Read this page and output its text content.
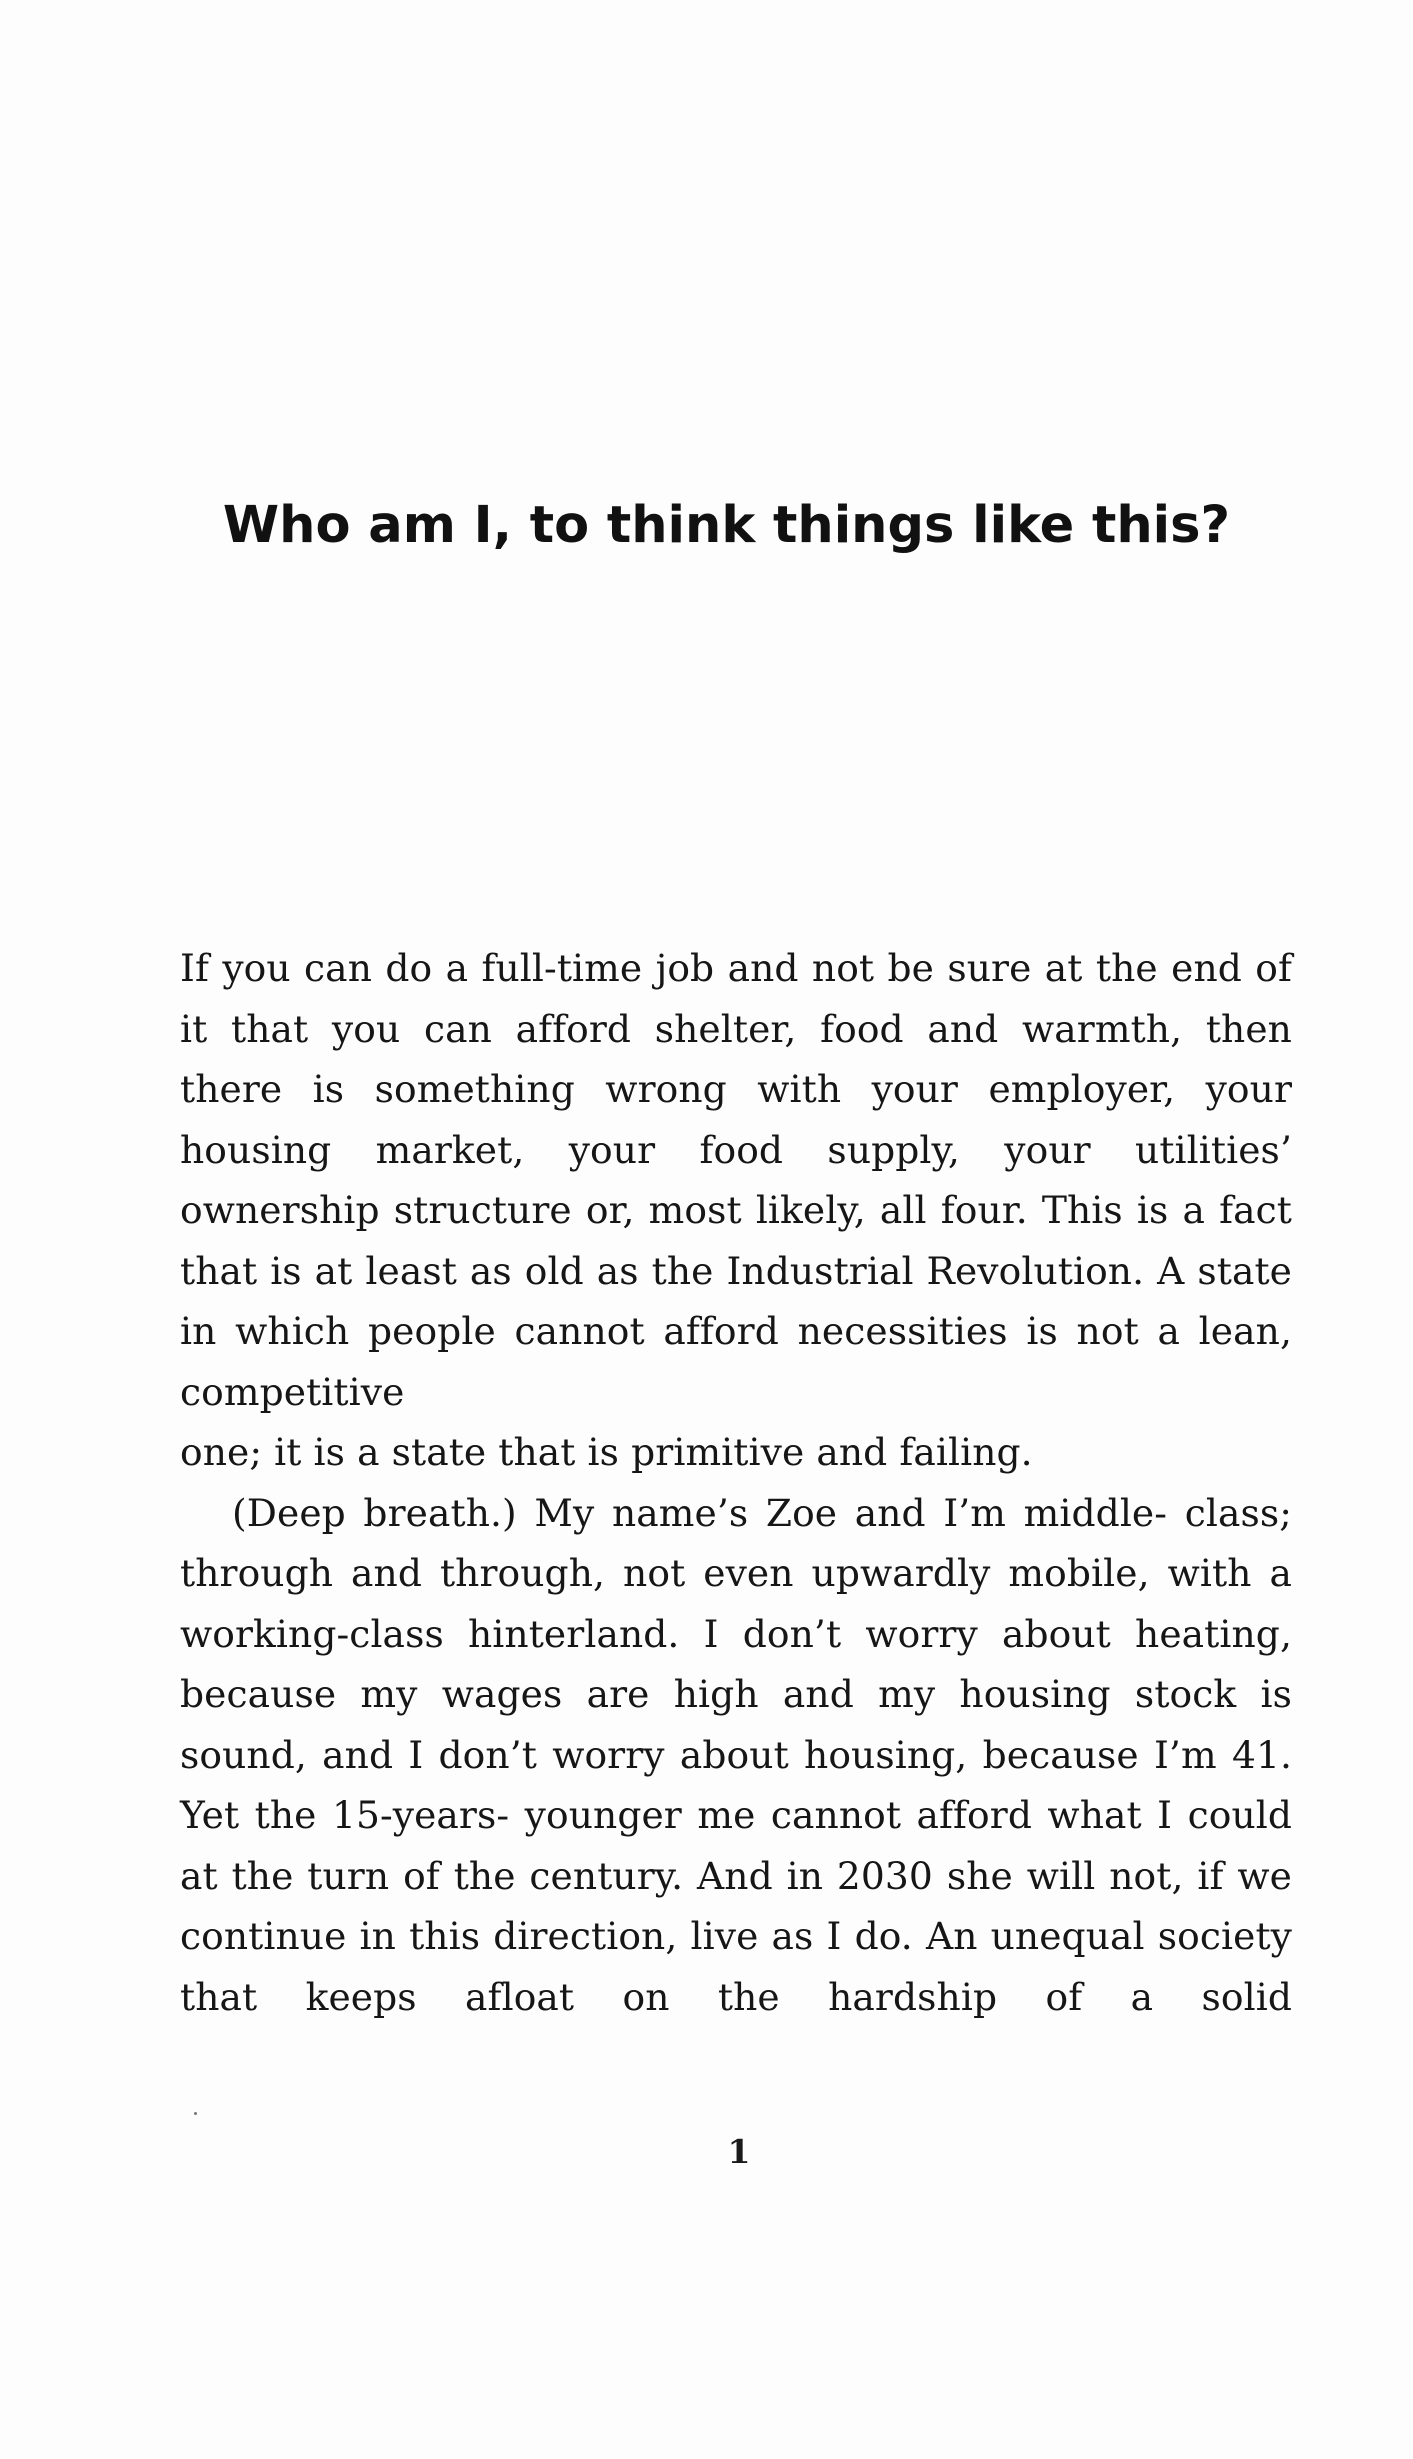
Who am I, to think things like this?

If you can do a full-time job and not be sure at the end of it that you can afford shelter, food and warmth, then there is something wrong with your employer, your housing market, your food supply, your utilities’ ownership structure or, most likely, all four. This is a fact that is at least as old as the Industrial Revolution. A state in which people cannot afford necessities is not a lean, competitive

one; it is a state that is primitive and failing.

(Deep breath.) My name’s Zoe and I’m middle- class; through and through, not even upwardly mobile, with a working-class hinterland. I don’t worry about heating, because my wages are high and my housing stock is sound, and I don’t worry about housing, because I’m 41. Yet the 15-years- younger me cannot afford what I could at the turn of the century. And in 2030 she will not, if we continue in this direction, live as I do. An unequal society that keeps afloat on the hardship of a solid

1
